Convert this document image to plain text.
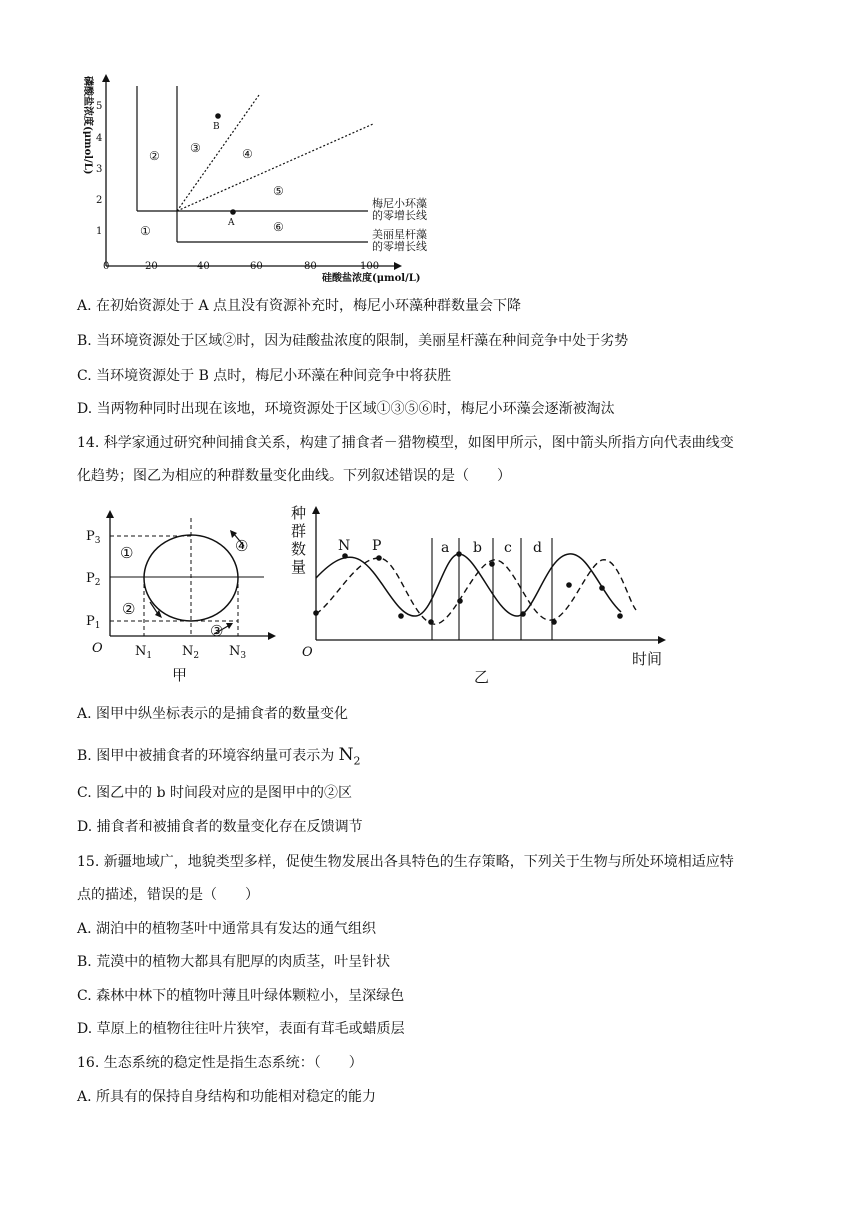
1
2
3
4
5
0	20	40	60	80	100
磷酸盐浓度(μmol/L)
硅酸盐浓度(μmol/L)
①
②
③	④
⑤
⑥
B
A
梅尼小环藻
的零增长线
美丽星杆藻
的零增长线
A. 在初始资源处于 A 点且没有资源补充时，梅尼小环藻种群数量会下降
B. 当环境资源处于区域②时，因为硅酸盐浓度的限制，美丽星杆藻在种间竞争中处于劣势
C. 当环境资源处于 B 点时，梅尼小环藻在种间竞争中将获胜
D. 当两物种同时出现在该地，环境资源处于区域①③⑤⑥时，梅尼小环藻会逐渐被淘汰
14. 科学家通过研究种间捕食关系，构建了捕食者－猎物模型，如图甲所示，图中箭头所指方向代表曲线变
化趋势；图乙为相应的种群数量变化曲线。下列叙述错误的是（　　）
$P_3$
$P_2$
$P_1$
O $N_1$ $N_2$ $N_3$
①
②
③
④
甲
种
群
数
量
O	时间
a b c d
N P
乙
A. 图甲中纵坐标表示的是捕食者的数量变化
B. 图甲中被捕食者的环境容纳量可表示为 $N_2$
C. 图乙中的 b 时间段对应的是图甲中的②区
D. 捕食者和被捕食者的数量变化存在反馈调节
15. 新疆地域广，地貌类型多样，促使生物发展出各具特色的生存策略，下列关于生物与所处环境相适应特
点的描述，错误的是（　　）
A. 湖泊中的植物茎叶中通常具有发达的通气组织
B. 荒漠中的植物大都具有肥厚的肉质茎，叶呈针状
C. 森林中林下的植物叶薄且叶绿体颗粒小，呈深绿色
D. 草原上的植物往往叶片狭窄，表面有茸毛或蜡质层
16. 生态系统的稳定性是指生态系统：（　　）
A. 所具有的保持自身结构和功能相对稳定的能力
